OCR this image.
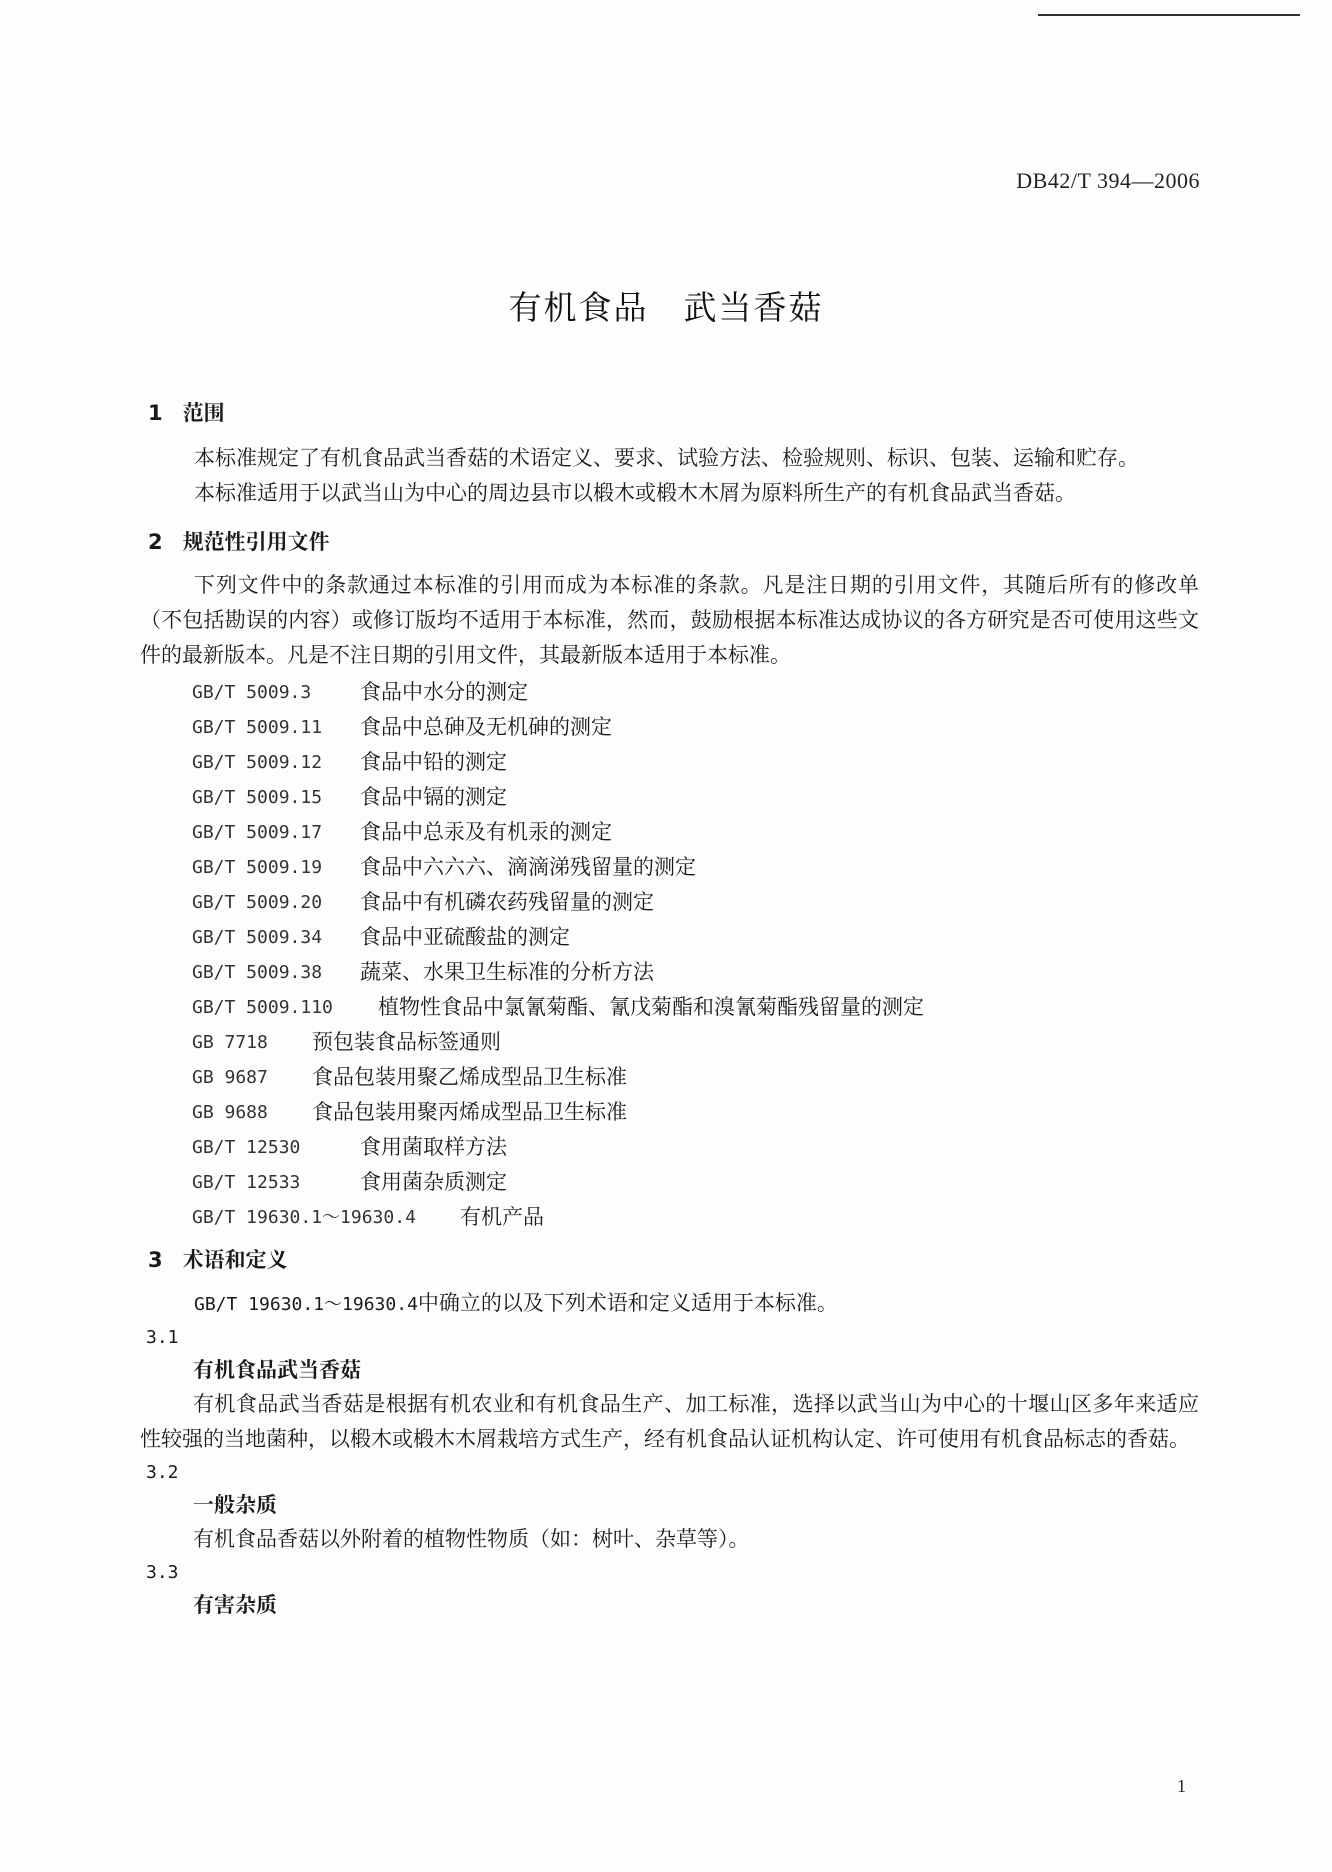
DB42/T 394—2006
有机食品　武当香菇
1 范围

本标准规定了有机食品武当香菇的术语定义、要求、试验方法、检验规则、标识、包装、运输和贮存。

本标准适用于以武当山为中心的周边县市以椴木或椴木木屑为原料所生产的有机食品武当香菇。

2 规范性引用文件

下列文件中的条款通过本标准的引用而成为本标准的条款。凡是注日期的引用文件，其随后所有的修改单（不包括勘误的内容）或修订版均不适用于本标准，然而，鼓励根据本标准达成协议的各方研究是否可使用这些文件的最新版本。凡是不注日期的引用文件，其最新版本适用于本标准。

GB/T 5009.3	食品中水分的测定
GB/T 5009.11	食品中总砷及无机砷的测定
GB/T 5009.12	食品中铅的测定
GB/T 5009.15	食品中镉的测定
GB/T 5009.17	食品中总汞及有机汞的测定
GB/T 5009.19	食品中六六六、滴滴涕残留量的测定
GB/T 5009.20	食品中有机磷农药残留量的测定
GB/T 5009.34	食品中亚硫酸盐的测定
GB/T 5009.38	蔬菜、水果卫生标准的分析方法
GB/T 5009.110	植物性食品中氯氰菊酯、氰戊菊酯和溴氰菊酯残留量的测定
GB 7718	预包装食品标签通则
GB 9687	食品包装用聚乙烯成型品卫生标准
GB 9688	食品包装用聚丙烯成型品卫生标准
GB/T 12530	食用菌取样方法
GB/T 12533	食用菌杂质测定
GB/T 19630.1～19630.4	有机产品
3 术语和定义

GB/T 19630.1～19630.4中确立的以及下列术语和定义适用于本标准。

3.1

有机食品武当香菇

有机食品武当香菇是根据有机农业和有机食品生产、加工标准，选择以武当山为中心的十堰山区多年来适应性较强的当地菌种，以椴木或椴木木屑栽培方式生产，经有机食品认证机构认定、许可使用有机食品标志的香菇。

3.2

一般杂质

有机食品香菇以外附着的植物性物质（如：树叶、杂草等）。

3.3

有害杂质

1
